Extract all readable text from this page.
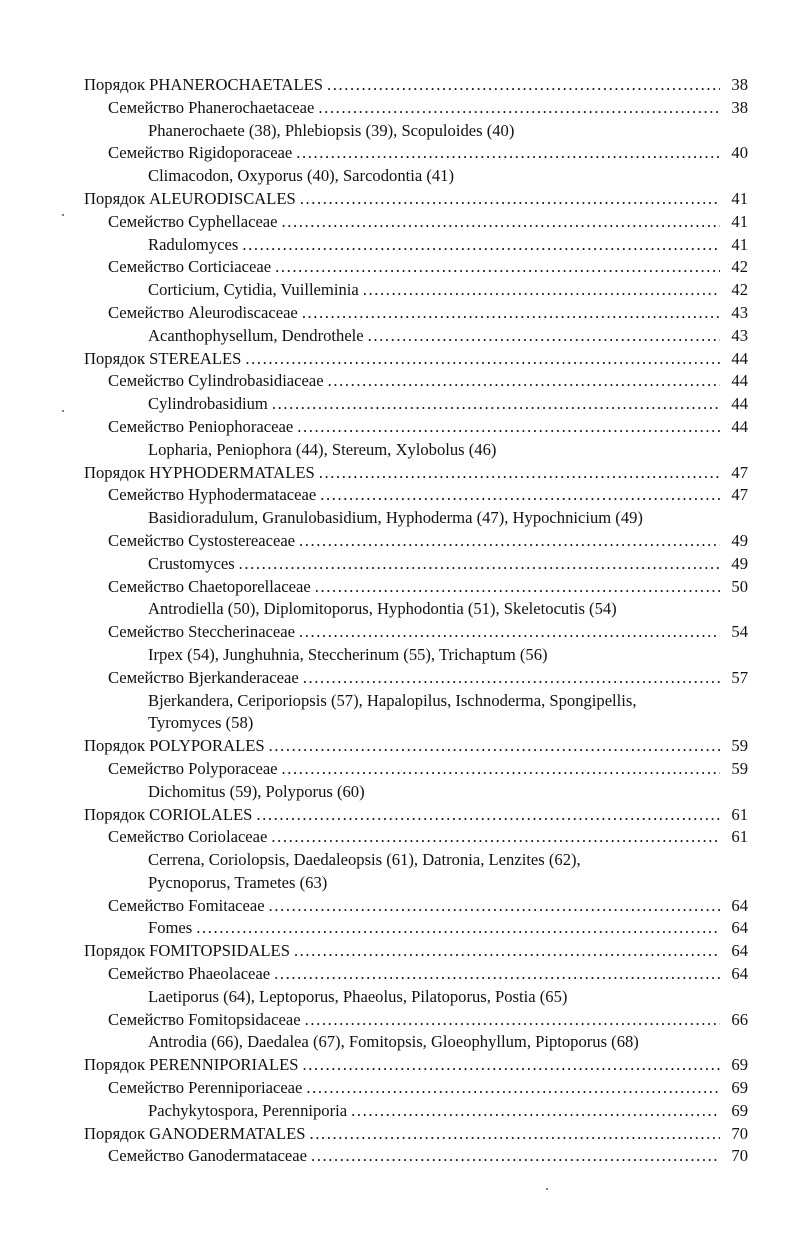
Порядок PHANEROCHAETALES .....	38
Семейство Phanerochaetaceae .....	38
Phanerochaete (38), Phlebiopsis (39), Scopuloides (40)
Семейство Rigidoporaceae .....	40
Climacodon, Oxyporus (40), Sarcodontia (41)
Порядок ALEURODISCALES .....	41
Семейство Cyphellaceae .....	41
Radulomyces .....	41
Семейство Corticiaceae .....	42
Corticium, Cytidia, Vuilleminia .....	42
Семейство Aleurodiscaceae .....	43
Acanthophysellum, Dendrothele .....	43
Порядок STEREALES .....	44
Семейство Cylindrobasidiaceae .....	44
Cylindrobasidium .....	44
Семейство Peniophoraceae .....	44
Lopharia, Peniophora (44), Stereum, Xylobolus (46)
Порядок HYPHODERMATALES .....	47
Семейство Hyphodermataceae .....	47
Basidioradulum, Granulobasidium, Hyphoderma (47), Hypochnicium (49)
Семейство Cystostereaceae .....	49
Crustomyces .....	49
Семейство Chaetoporellaceae .....	50
Antrodiella (50), Diplomitoporus, Hyphodontia (51), Skeletocutis (54)
Семейство Steccherinaceae .....	54
Irpex (54), Junghuhnia, Steccherinum (55), Trichaptum (56)
Семейство Bjerkanderaceae .....	57
Bjerkandera, Ceriporiopsis (57), Hapalopilus, Ischnoderma, Spongipellis,
Tyromyces (58)
Порядок POLYPORALES .....	59
Семейство Polyporaceae .....	59
Dichomitus (59), Polyporus (60)
Порядок CORIOLALES .....	61
Семейство Coriolaceae .....	61
Cerrena, Coriolopsis, Daedaleopsis (61), Datronia, Lenzites (62),
Pycnoporus, Trametes (63)
Семейство Fomitaceae .....	64
Fomes .....	64
Порядок FOMITOPSIDALES .....	64
Семейство Phaeolaceae .....	64
Laetiporus (64), Leptoporus, Phaeolus, Pilatoporus, Postia (65)
Семейство Fomitopsidaceae .....	66
Antrodia (66), Daedalea (67), Fomitopsis, Gloeophyllum, Piptoporus (68)
Порядок PERENNIPORIALES .....	69
Семейство Perenniporiaceae .....	69
Pachykytospora, Perenniporia .....	69
Порядок GANODERMATALES .....	70
Семейство Ganodermataceae .....	70
